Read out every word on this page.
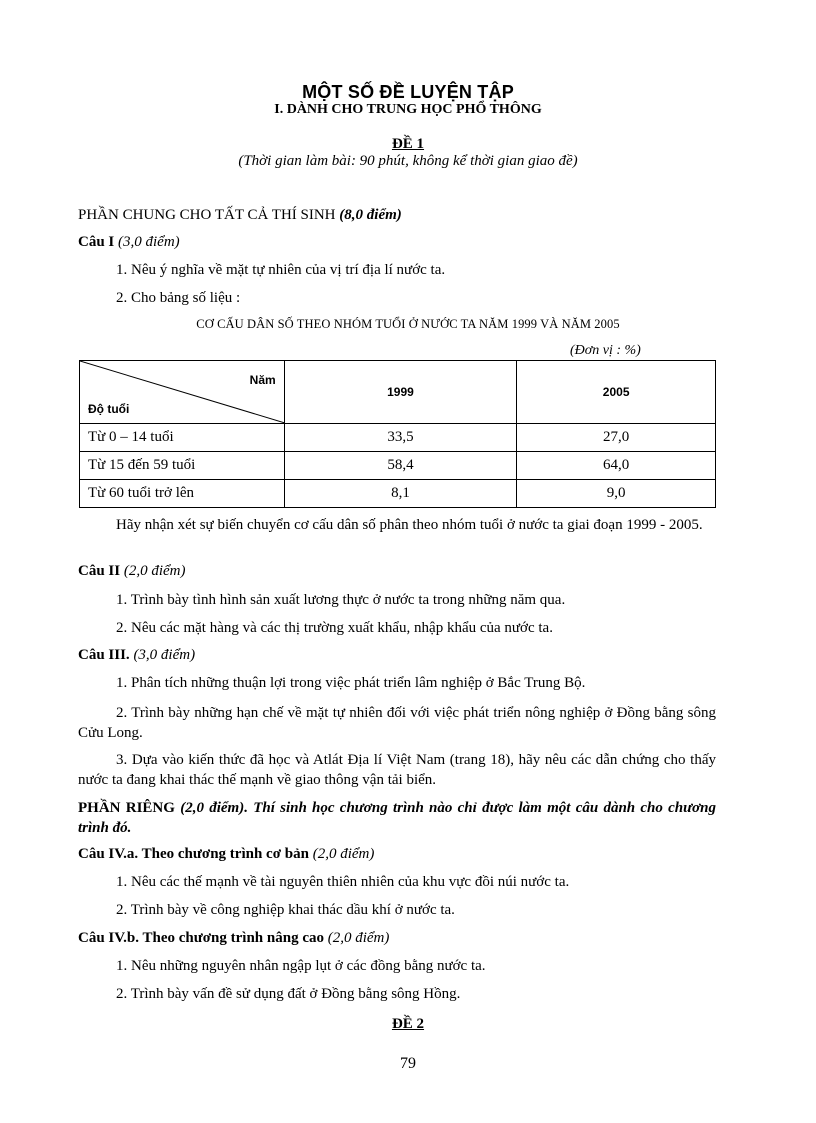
MỘT SỐ ĐỀ LUYỆN TẬP
I. DÀNH CHO TRUNG HỌC PHỔ THÔNG
ĐỀ 1
(Thời gian làm bài: 90 phút, không kể thời gian giao đề)
PHẦN CHUNG CHO TẤT CẢ THÍ SINH (8,0 điểm)
Câu I (3,0 điểm)
1. Nêu ý nghĩa về mặt tự nhiên của vị trí địa lí nước ta.
2. Cho bảng số liệu :
CƠ CẤU DÂN SỐ THEO NHÓM TUỔI Ở NƯỚC TA NĂM 1999 VÀ NĂM 2005
(Đơn vị : %)
Năm
Độ tuổi	1999	2005
Từ 0 – 14 tuổi	33,5	27,0
Từ 15 đến 59 tuổi	58,4	64,0
Từ 60 tuổi trở lên	8,1	9,0
Hãy nhận xét sự biến chuyển cơ cấu dân số phân theo nhóm tuổi ở nước ta giai đoạn 1999 - 2005.
Câu II (2,0 điểm)
1. Trình bày tình hình sản xuất lương thực ở nước ta trong những năm qua.
2. Nêu các mặt hàng và các thị trường xuất khẩu, nhập khẩu của nước ta.
Câu III. (3,0 điểm)
1. Phân tích những thuận lợi trong việc phát triển lâm nghiệp ở Bắc Trung Bộ.
2. Trình bày những hạn chế về mặt tự nhiên đối với việc phát triển nông nghiệp ở Đồng bằng sông Cửu Long.
3. Dựa vào kiến thức đã học và Atlát Địa lí Việt Nam (trang 18), hãy nêu các dẫn chứng cho thấy nước ta đang khai thác thế mạnh về giao thông vận tải biển.
PHẦN RIÊNG (2,0 điểm). Thí sinh học chương trình nào chỉ được làm một câu dành cho chương trình đó.
Câu IV.a. Theo chương trình cơ bản (2,0 điểm)
1. Nêu các thế mạnh về tài nguyên thiên nhiên của khu vực đồi núi nước ta.
2. Trình bày về công nghiệp khai thác dầu khí ở nước ta.
Câu IV.b. Theo chương trình nâng cao (2,0 điểm)
1. Nêu những nguyên nhân ngập lụt ở các đồng bằng nước ta.
2. Trình bày vấn đề sử dụng đất ở Đồng bằng sông Hồng.
ĐỀ 2
79
